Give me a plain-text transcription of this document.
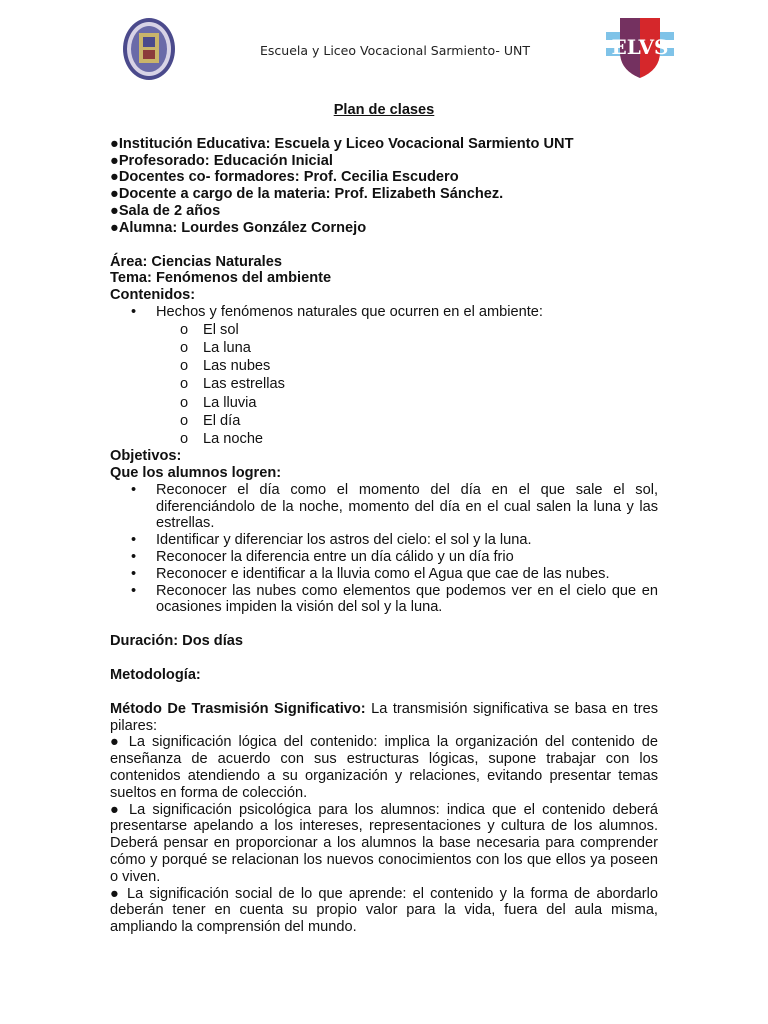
Escuela y Liceo Vocacional Sarmiento- UNT	ELVS
Plan de clases
●Institución Educativa: Escuela y Liceo Vocacional Sarmiento UNT
●Profesorado: Educación Inicial
●Docentes co- formadores: Prof. Cecilia Escudero
●Docente a cargo de la materia: Prof. Elizabeth Sánchez.
●Sala de 2 años
●Alumna: Lourdes González Cornejo
Área: Ciencias Naturales
Tema: Fenómenos del ambiente
Contenidos:
• Hechos y fenómenos naturales que ocurren en el ambiente:
o El sol
o La luna
o Las nubes
o Las estrellas
o La lluvia
o El día
o La noche
Objetivos:
Que los alumnos logren:
• Reconocer el día como el momento del día en el que sale el sol, diferenciándolo de la noche, momento del día en el cual salen la luna y las estrellas.
• Identificar y diferenciar los astros del cielo: el sol y la luna.
• Reconocer la diferencia entre un día cálido y un día frio
• Reconocer e identificar a la lluvia como el Agua que cae de las nubes.
• Reconocer las nubes como elementos que podemos ver en el cielo que en ocasiones impiden la visión del sol y la luna.
Duración: Dos días
Metodología:
Método De Trasmisión Significativo: La transmisión significativa se basa en tres pilares:
● La significación lógica del contenido: implica la organización del contenido de enseñanza de acuerdo con sus estructuras lógicas, supone trabajar con los contenidos atendiendo a su organización y relaciones, evitando presentar temas sueltos en forma de colección.
● La significación psicológica para los alumnos: indica que el contenido deberá presentarse apelando a los intereses, representaciones y cultura de los alumnos. Deberá pensar en proporcionar a los alumnos la base necesaria para comprender cómo y porqué se relacionan los nuevos conocimientos con los que ellos ya poseen o viven.
● La significación social de lo que aprende: el contenido y la forma de abordarlo deberán tener en cuenta su propio valor para la vida, fuera del aula misma, ampliando la comprensión del mundo.
